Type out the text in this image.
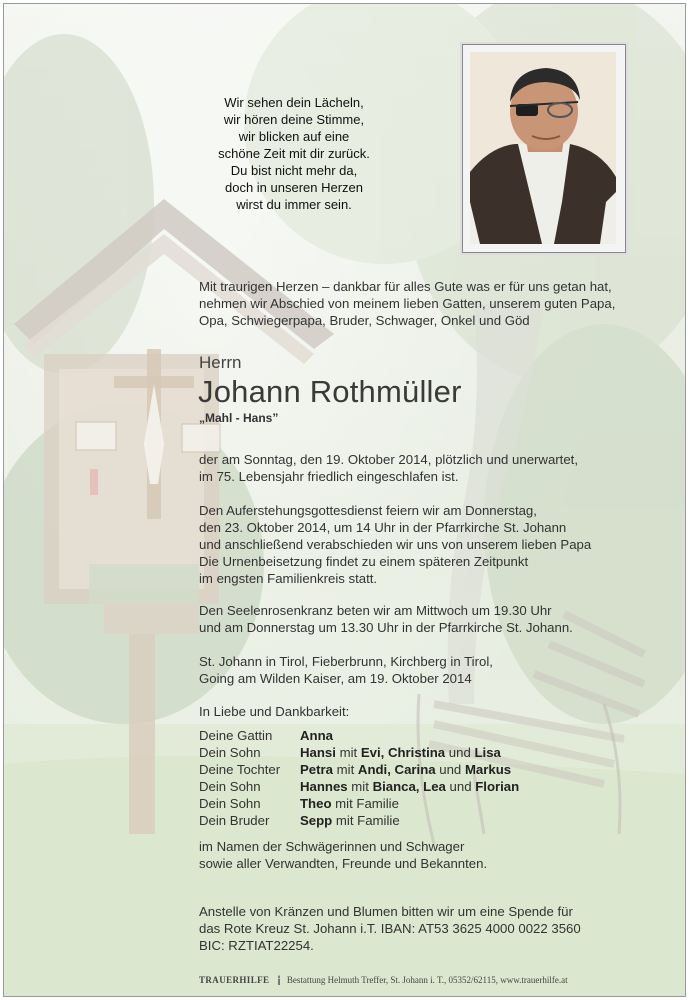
Wir sehen dein Lächeln,
wir hören deine Stimme,
wir blicken auf eine
schöne Zeit mit dir zurück.
Du bist nicht mehr da,
doch in unseren Herzen
wirst du immer sein.
Mit traurigen Herzen – dankbar für alles Gute was er für uns getan hat,
nehmen wir Abschied von meinem lieben Gatten, unserem guten Papa,
Opa, Schwiegerpapa, Bruder, Schwager, Onkel und Göd
Herrn
Johann Rothmüller
„Mahl - Hans”
der am Sonntag, den 19. Oktober 2014, plötzlich und unerwartet,
im 75. Lebensjahr friedlich eingeschlafen ist.
Den Auferstehungsgottesdienst feiern wir am Donnerstag,
den 23. Oktober 2014, um 14 Uhr in der Pfarrkirche St. Johann
und anschließend verabschieden wir uns von unserem lieben Papa
Die Urnenbeisetzung findet zu einem späteren Zeitpunkt
im engsten Familienkreis statt.
Den Seelenrosenkranz beten wir am Mittwoch um 19.30 Uhr
und am Donnerstag um 13.30 Uhr in der Pfarrkirche St. Johann.
St. Johann in Tirol, Fieberbrunn, Kirchberg in Tirol,
Going am Wilden Kaiser, am 19. Oktober 2014
In Liebe und Dankbarkeit:
Deine Gattin	Anna
Dein Sohn	Hansi mit Evi, Christina und Lisa
Deine Tochter	Petra mit Andi, Carina und Markus
Dein Sohn	Hannes mit Bianca, Lea und Florian
Dein Sohn	Theo mit Familie
Dein Bruder	Sepp mit Familie
im Namen der Schwägerinnen und Schwager
sowie aller Verwandten, Freunde und Bekannten.
Anstelle von Kränzen und Blumen bitten wir um eine Spende für
das Rote Kreuz St. Johann i.T. IBAN: AT53 3625 4000 0022 3560
BIC: RZTIAT22254.
TRAUERHILFE Bestattung Helmuth Treffer, St. Johann i. T., 05352/62115, www.trauerhilfe.at
